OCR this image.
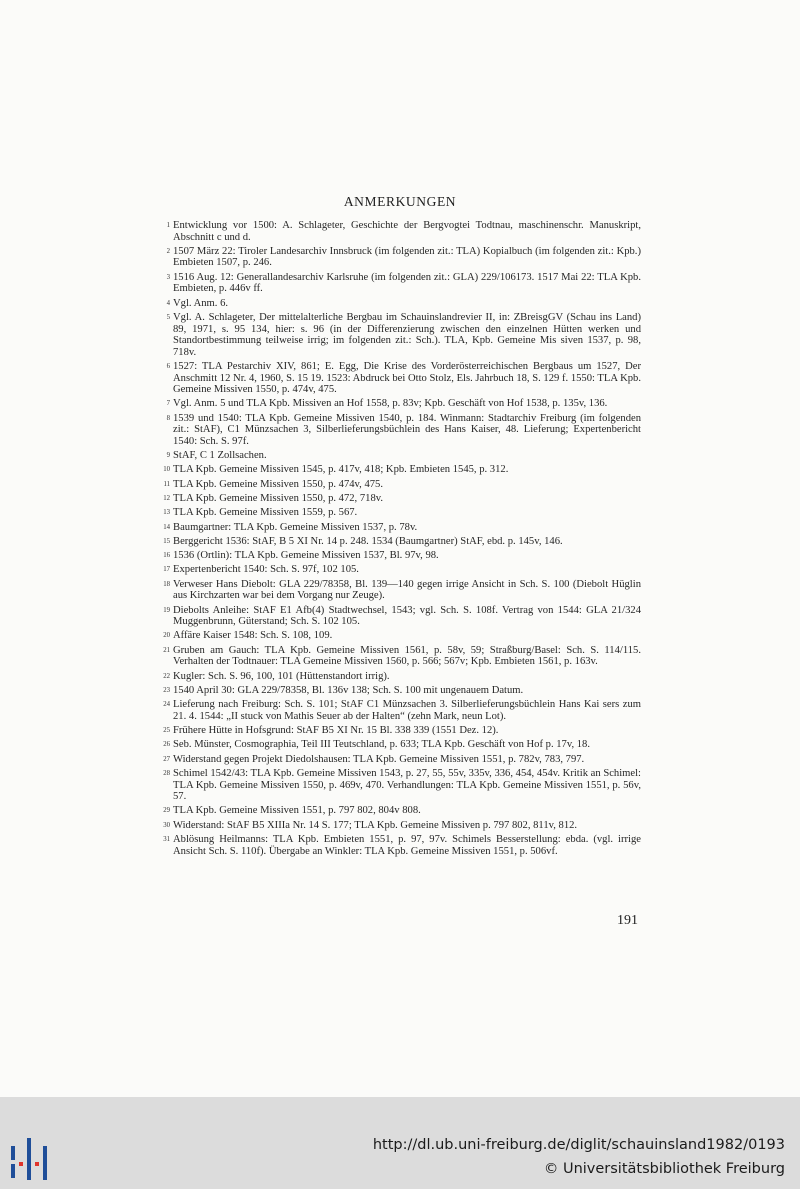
ANMERKUNGEN
1 Entwicklung vor 1500: A. Schlageter, Geschichte der Bergvogtei Todtnau, maschinenschr. Manuskript, Abschnitt c und d.
2 1507 März 22: Tiroler Landesarchiv Innsbruck (im folgenden zit.: TLA) Kopialbuch (im folgenden zit.: Kpb.) Embieten 1507, p. 246.
3 1516 Aug. 12: Generallandesarchiv Karlsruhe (im folgenden zit.: GLA) 229/106173. 1517 Mai 22: TLA Kpb. Embieten, p. 446v ff.
4 Vgl. Anm. 6.
5 Vgl. A. Schlageter, Der mittelalterliche Bergbau im Schauinslandrevier II, in: ZBreisgGV (Schau ins Land) 89, 1971, s. 95 134, hier: s. 96 (in der Differenzierung zwischen den einzelnen Hütten werken und Standortbestimmung teilweise irrig; im folgenden zit.: Sch.). TLA, Kpb. Gemeine Mis siven 1537, p. 98, 718v.
6 1527: TLA Pestarchiv XIV, 861; E. Egg, Die Krise des Vorderösterreichischen Bergbaus um 1527, Der Anschmitt 12 Nr. 4, 1960, S. 15 19. 1523: Abdruck bei Otto Stolz, Els. Jahrbuch 18, S. 129 f. 1550: TLA Kpb. Gemeine Missiven 1550, p. 474v, 475.
7 Vgl. Anm. 5 und TLA Kpb. Missiven an Hof 1558, p. 83v; Kpb. Geschäft von Hof 1538, p. 135v, 136.
8 1539 und 1540: TLA Kpb. Gemeine Missiven 1540, p. 184. Winmann: Stadtarchiv Freiburg (im folgenden zit.: StAF), C1 Münzsachen 3, Silberlieferungsbüchlein des Hans Kaiser, 48. Lieferung; Expertenbericht 1540: Sch. S. 97f.
9 StAF, C 1 Zollsachen.
10 TLA Kpb. Gemeine Missiven 1545, p. 417v, 418; Kpb. Embieten 1545, p. 312.
11 TLA Kpb. Gemeine Missiven 1550, p. 474v, 475.
12 TLA Kpb. Gemeine Missiven 1550, p. 472, 718v.
13 TLA Kpb. Gemeine Missiven 1559, p. 567.
14 Baumgartner: TLA Kpb. Gemeine Missiven 1537, p. 78v.
15 Berggericht 1536: StAF, B 5 XI Nr. 14 p. 248. 1534 (Baumgartner) StAF, ebd. p. 145v, 146.
16 1536 (Ortlin): TLA Kpb. Gemeine Missiven 1537, Bl. 97v, 98.
17 Expertenbericht 1540: Sch. S. 97f, 102 105.
18 Verweser Hans Diebolt: GLA 229/78358, Bl. 139—140 gegen irrige Ansicht in Sch. S. 100 (Diebolt Hüglin aus Kirchzarten war bei dem Vorgang nur Zeuge).
19 Diebolts Anleihe: StAF E1 Afb(4) Stadtwechsel, 1543; vgl. Sch. S. 108f. Vertrag von 1544: GLA 21/324 Muggenbrunn, Güterstand; Sch. S. 102 105.
20 Affäre Kaiser 1548: Sch. S. 108, 109.
21 Gruben am Gauch: TLA Kpb. Gemeine Missiven 1561, p. 58v, 59; Straßburg/Basel: Sch. S. 114/115. Verhalten der Todtnauer: TLA Gemeine Missiven 1560, p. 566; 567v; Kpb. Embieten 1561, p. 163v.
22 Kugler: Sch. S. 96, 100, 101 (Hüttenstandort irrig).
23 1540 April 30: GLA 229/78358, Bl. 136v 138; Sch. S. 100 mit ungenauem Datum.
24 Lieferung nach Freiburg: Sch. S. 101; StAF C1 Münzsachen 3. Silberlieferungsbüchlein Hans Kai sers zum 21. 4. 1544: „II stuck von Mathis Seuer ab der Halten“ (zehn Mark, neun Lot).
25 Frühere Hütte in Hofsgrund: StAF B5 XI Nr. 15 Bl. 338 339 (1551 Dez. 12).
26 Seb. Münster, Cosmographia, Teil III Teutschland, p. 633; TLA Kpb. Geschäft von Hof p. 17v, 18.
27 Widerstand gegen Projekt Diedolshausen: TLA Kpb. Gemeine Missiven 1551, p. 782v, 783, 797.
28 Schimel 1542/43: TLA Kpb. Gemeine Missiven 1543, p. 27, 55, 55v, 335v, 336, 454, 454v. Kritik an Schimel: TLA Kpb. Gemeine Missiven 1550, p. 469v, 470. Verhandlungen: TLA Kpb. Gemeine Missiven 1551, p. 56v, 57.
29 TLA Kpb. Gemeine Missiven 1551, p. 797 802, 804v 808.
30 Widerstand: StAF B5 XIIIa Nr. 14 S. 177; TLA Kpb. Gemeine Missiven p. 797 802, 811v, 812.
31 Ablösung Heilmanns: TLA Kpb. Embieten 1551, p. 97, 97v. Schimels Besserstellung: ebda. (vgl. irrige Ansicht Sch. S. 110f). Übergabe an Winkler: TLA Kpb. Gemeine Missiven 1551, p. 506vf.
191
http://dl.ub.uni-freiburg.de/diglit/schauinsland1982/0193
© Universitätsbibliothek Freiburg
